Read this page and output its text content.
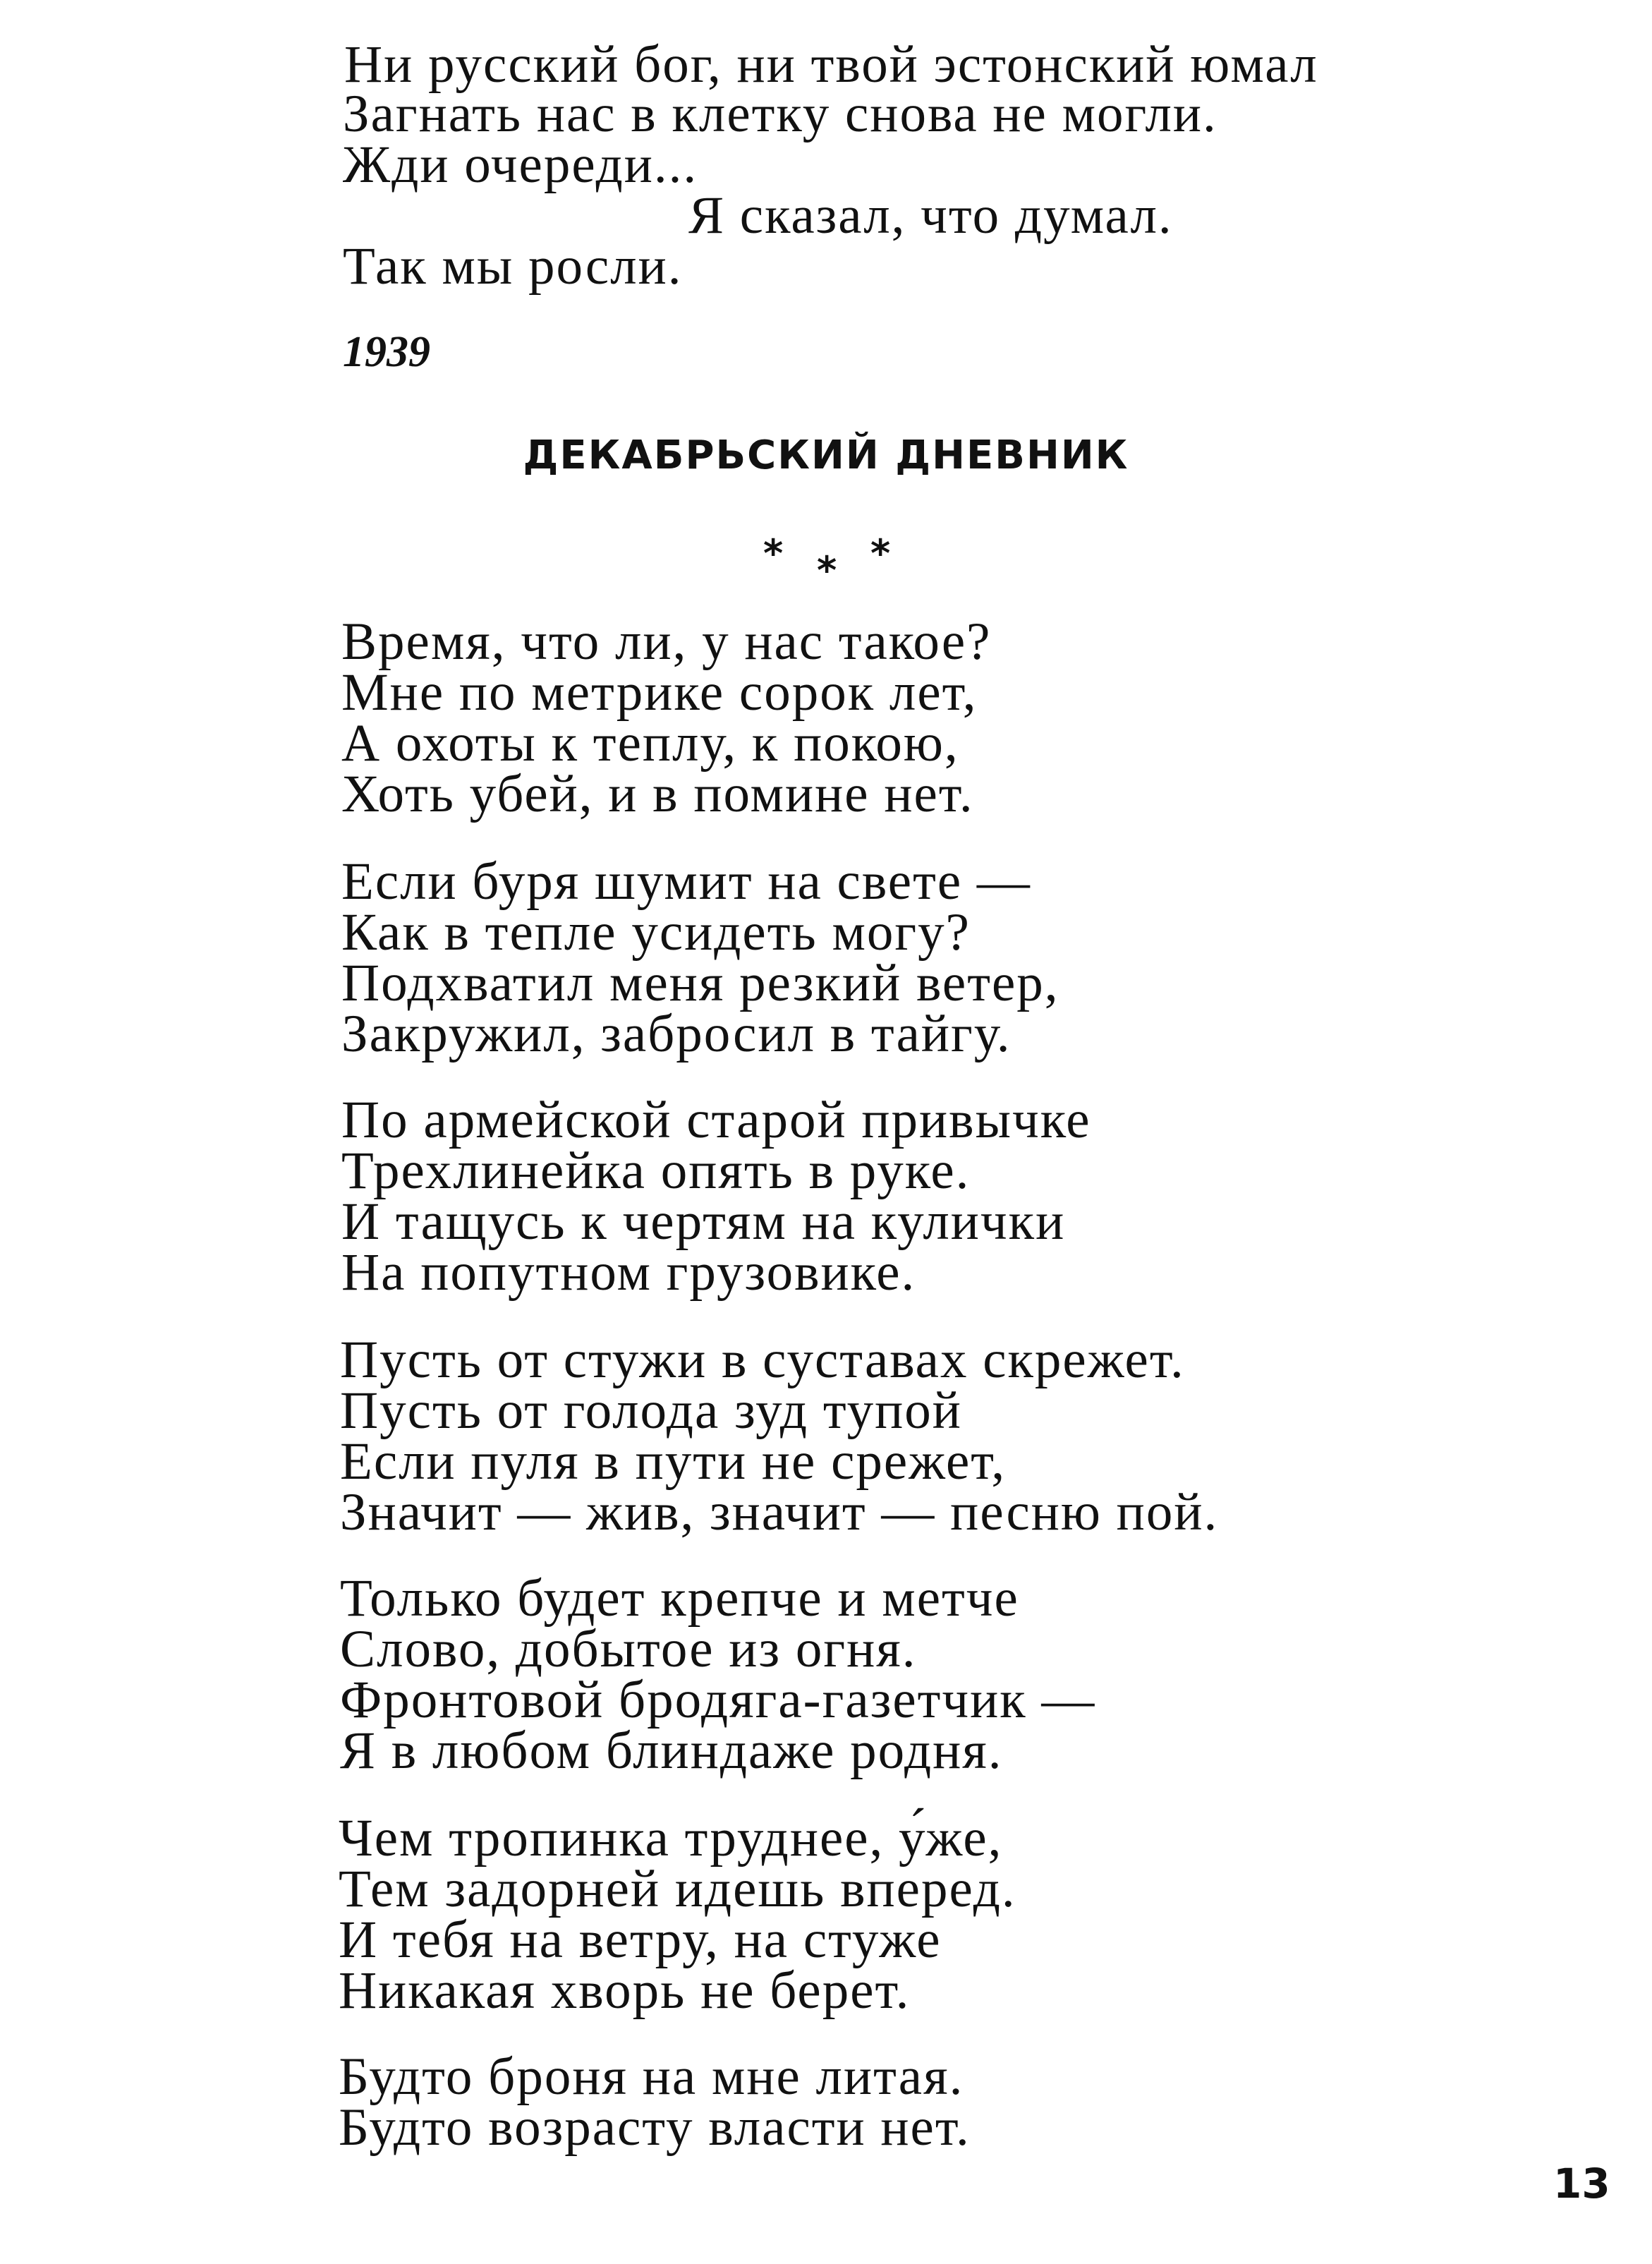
Ни русский бог, ни твой эстонский юмал
Загнать нас в клетку снова не могли.
Жди очереди...
Я сказал, что думал.
Так мы росли.
1939
ДЕКАБРЬСКИЙ ДНЕВНИК
* * *
Время, что ли, у нас такое?
Мне по метрике сорок лет,
А охоты к теплу, к покою,
Хоть убей, и в помине нет.
Если буря шумит на свете —
Как в тепле усидеть могу?
Подхватил меня резкий ветер,
Закружил, забросил в тайгу.
По армейской старой привычке
Трехлинейка опять в руке.
И тащусь к чертям на кулички
На попутном грузовике.
Пусть от стужи в суставах скрежет.
Пусть от голода зуд тупой
Если пуля в пути не срежет,
Значит — жив, значит — песню пой.
Только будет крепче и метче
Слово, добытое из огня.
Фронтовой бродяга-газетчик —
Я в любом блиндаже родня.
Чем тропинка труднее, у́же,
Тем задорней идешь вперед.
И тебя на ветру, на стуже
Никакая хворь не берет.
Будто броня на мне литая.
Будто возрасту власти нет.
13
